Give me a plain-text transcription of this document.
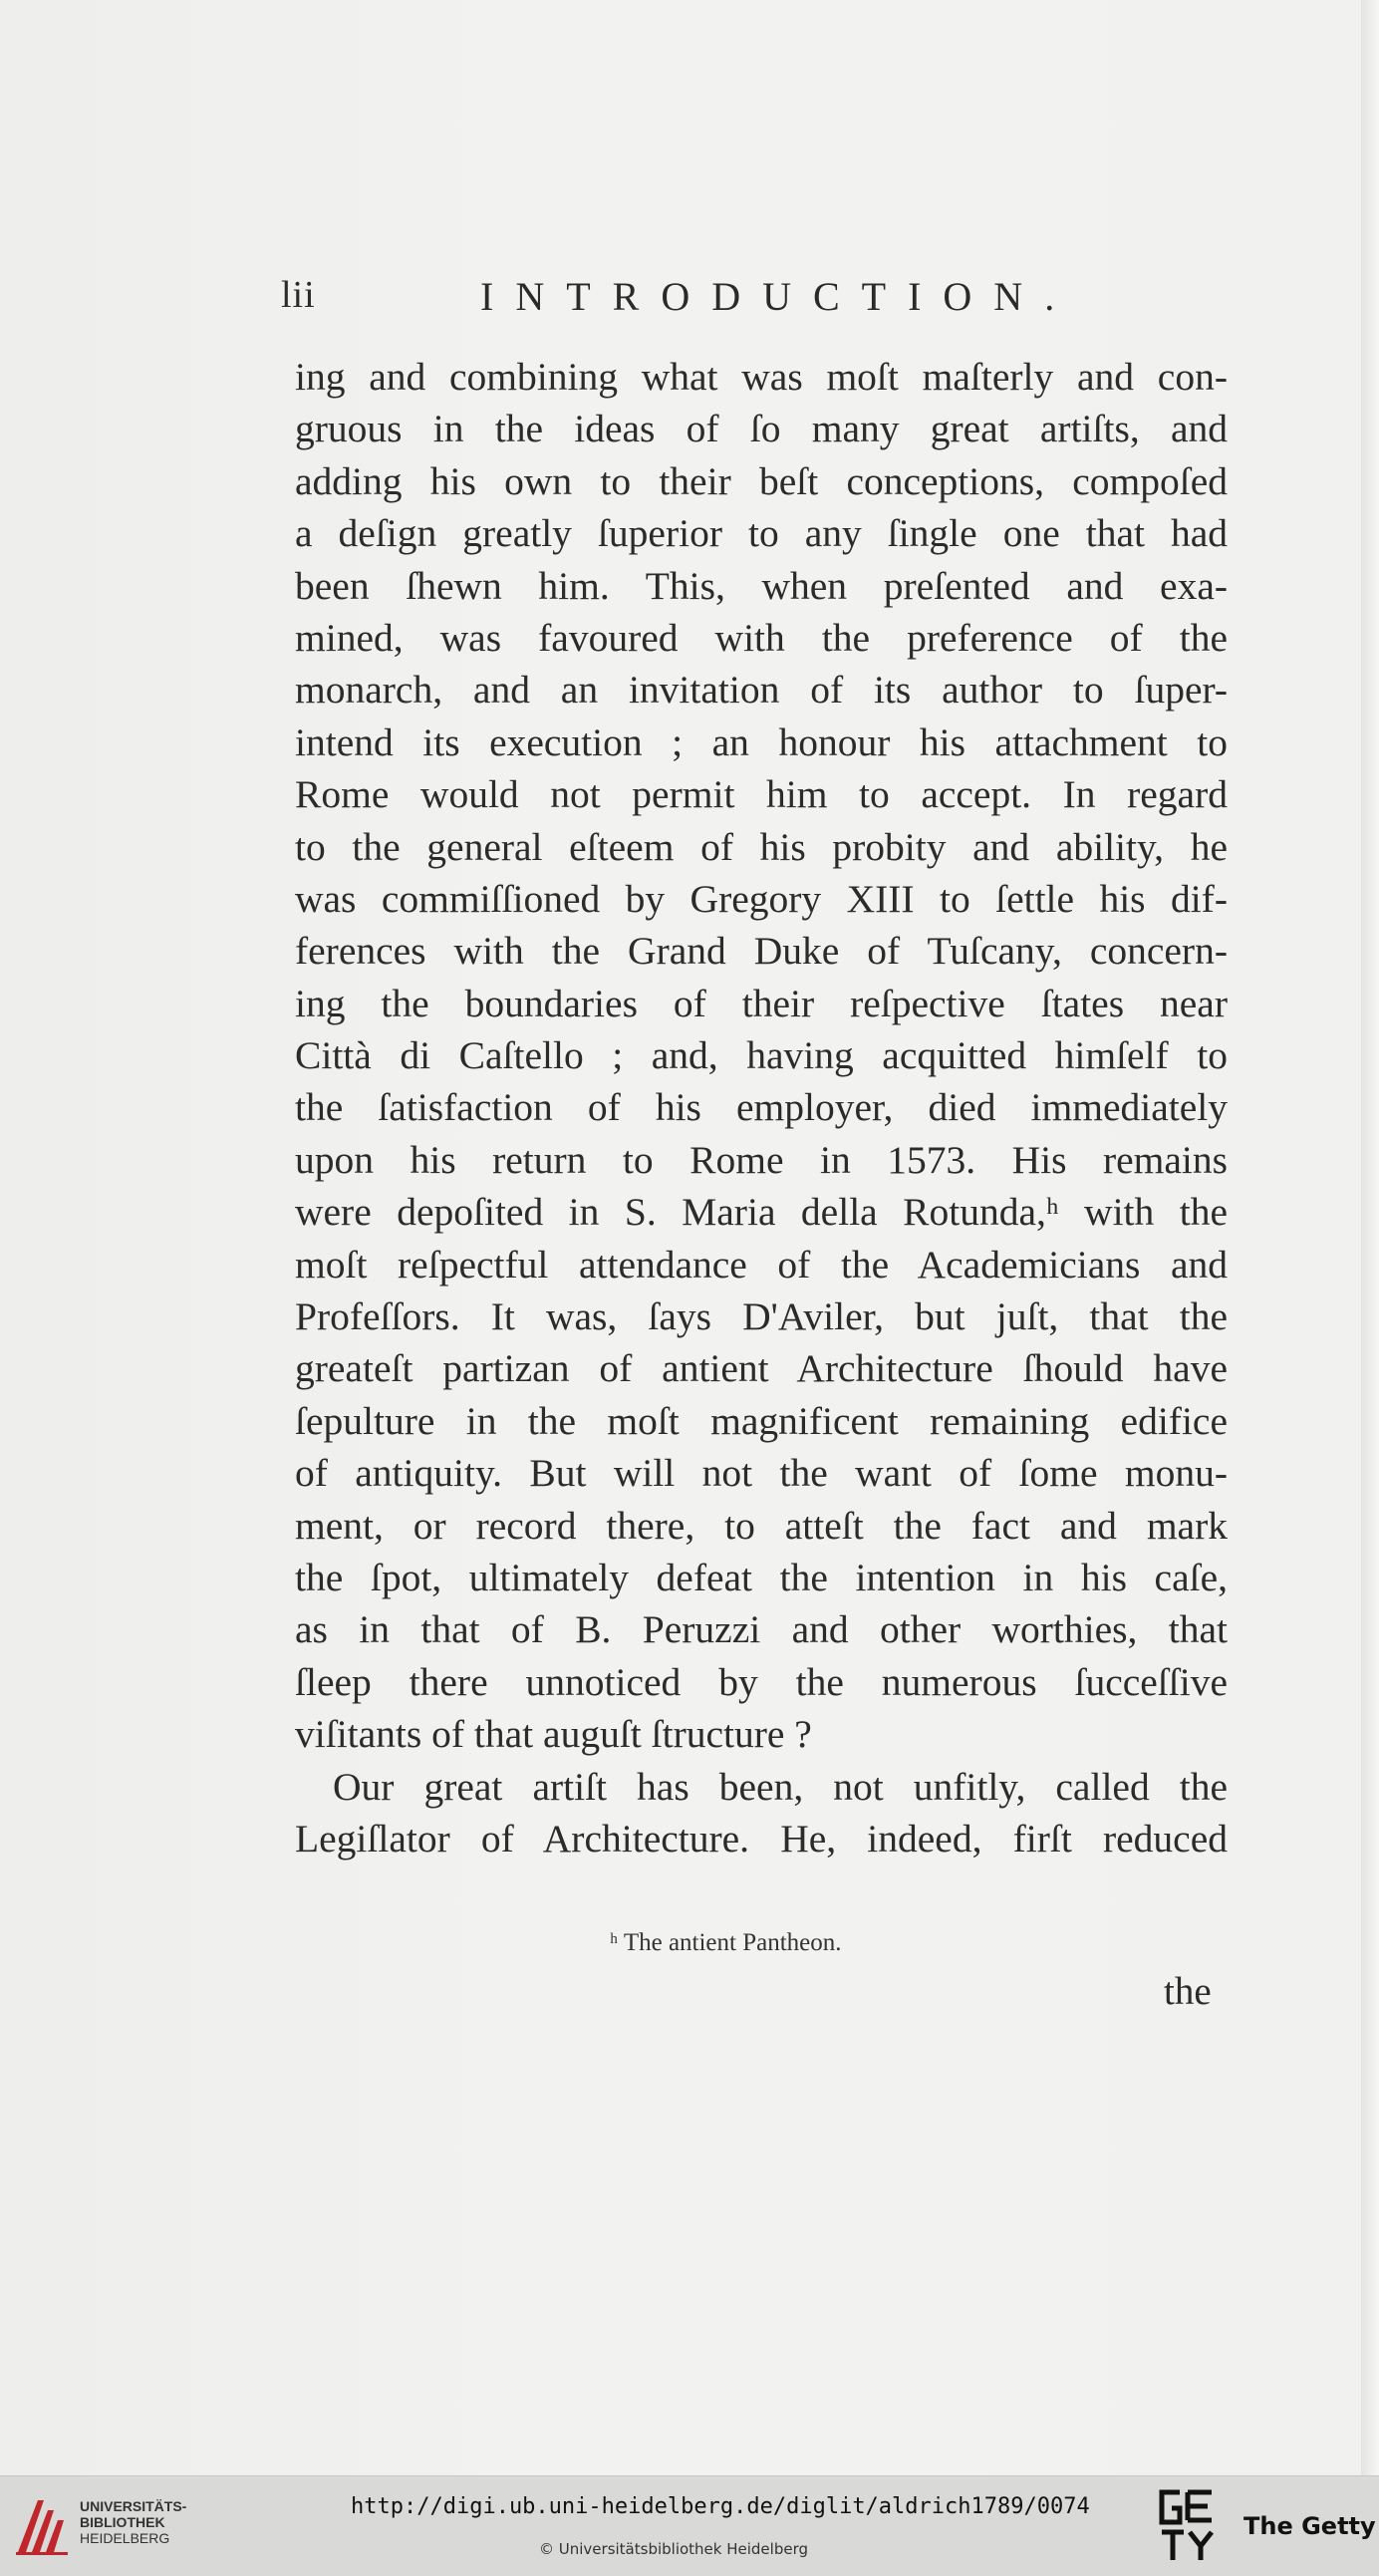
lii	INTRODUCTION.
ing and combining what was moſt maſterly and con-
gruous in the ideas of ſo many great artiſts, and
adding his own to their beſt conceptions, compoſed
a deſign greatly ſuperior to any ſingle one that had
been ſhewn him. This, when preſented and exa-
mined, was favoured with the preference of the
monarch, and an invitation of its author to ſuper-
intend its execution ; an honour his attachment to
Rome would not permit him to accept. In regard
to the general eſteem of his probity and ability, he
was commiſſioned by Gregory XIII to ſettle his dif-
ferences with the Grand Duke of Tuſcany, concern-
ing the boundaries of their reſpective ſtates near
Città di Caſtello ; and, having acquitted himſelf to
the ſatisfaction of his employer, died immediately
upon his return to Rome in 1573. His remains
were depoſited in S. Maria della Rotunda,ʰ with the
moſt reſpectful attendance of the Academicians and
Profeſſors. It was, ſays D'Aviler, but juſt, that the
greateſt partizan of antient Architecture ſhould have
ſepulture in the moſt magnificent remaining edifice
of antiquity. But will not the want of ſome monu-
ment, or record there, to atteſt the fact and mark
the ſpot, ultimately defeat the intention in his caſe,
as in that of B. Peruzzi and other worthies, that
ſleep there unnoticed by the numerous ſucceſſive
viſitants of that auguſt ſtructure ?
Our great artiſt has been, not unfitly, called the
Legiſlator of Architecture. He, indeed, firſt reduced
ʰ The antient Pantheon.
the
UNIVERSITÄTS-
BIBLIOTHEK
HEIDELBERG
http://digi.ub.uni-heidelberg.de/diglit/aldrich1789/0074
© Universitätsbibliothek Heidelberg
The Getty
